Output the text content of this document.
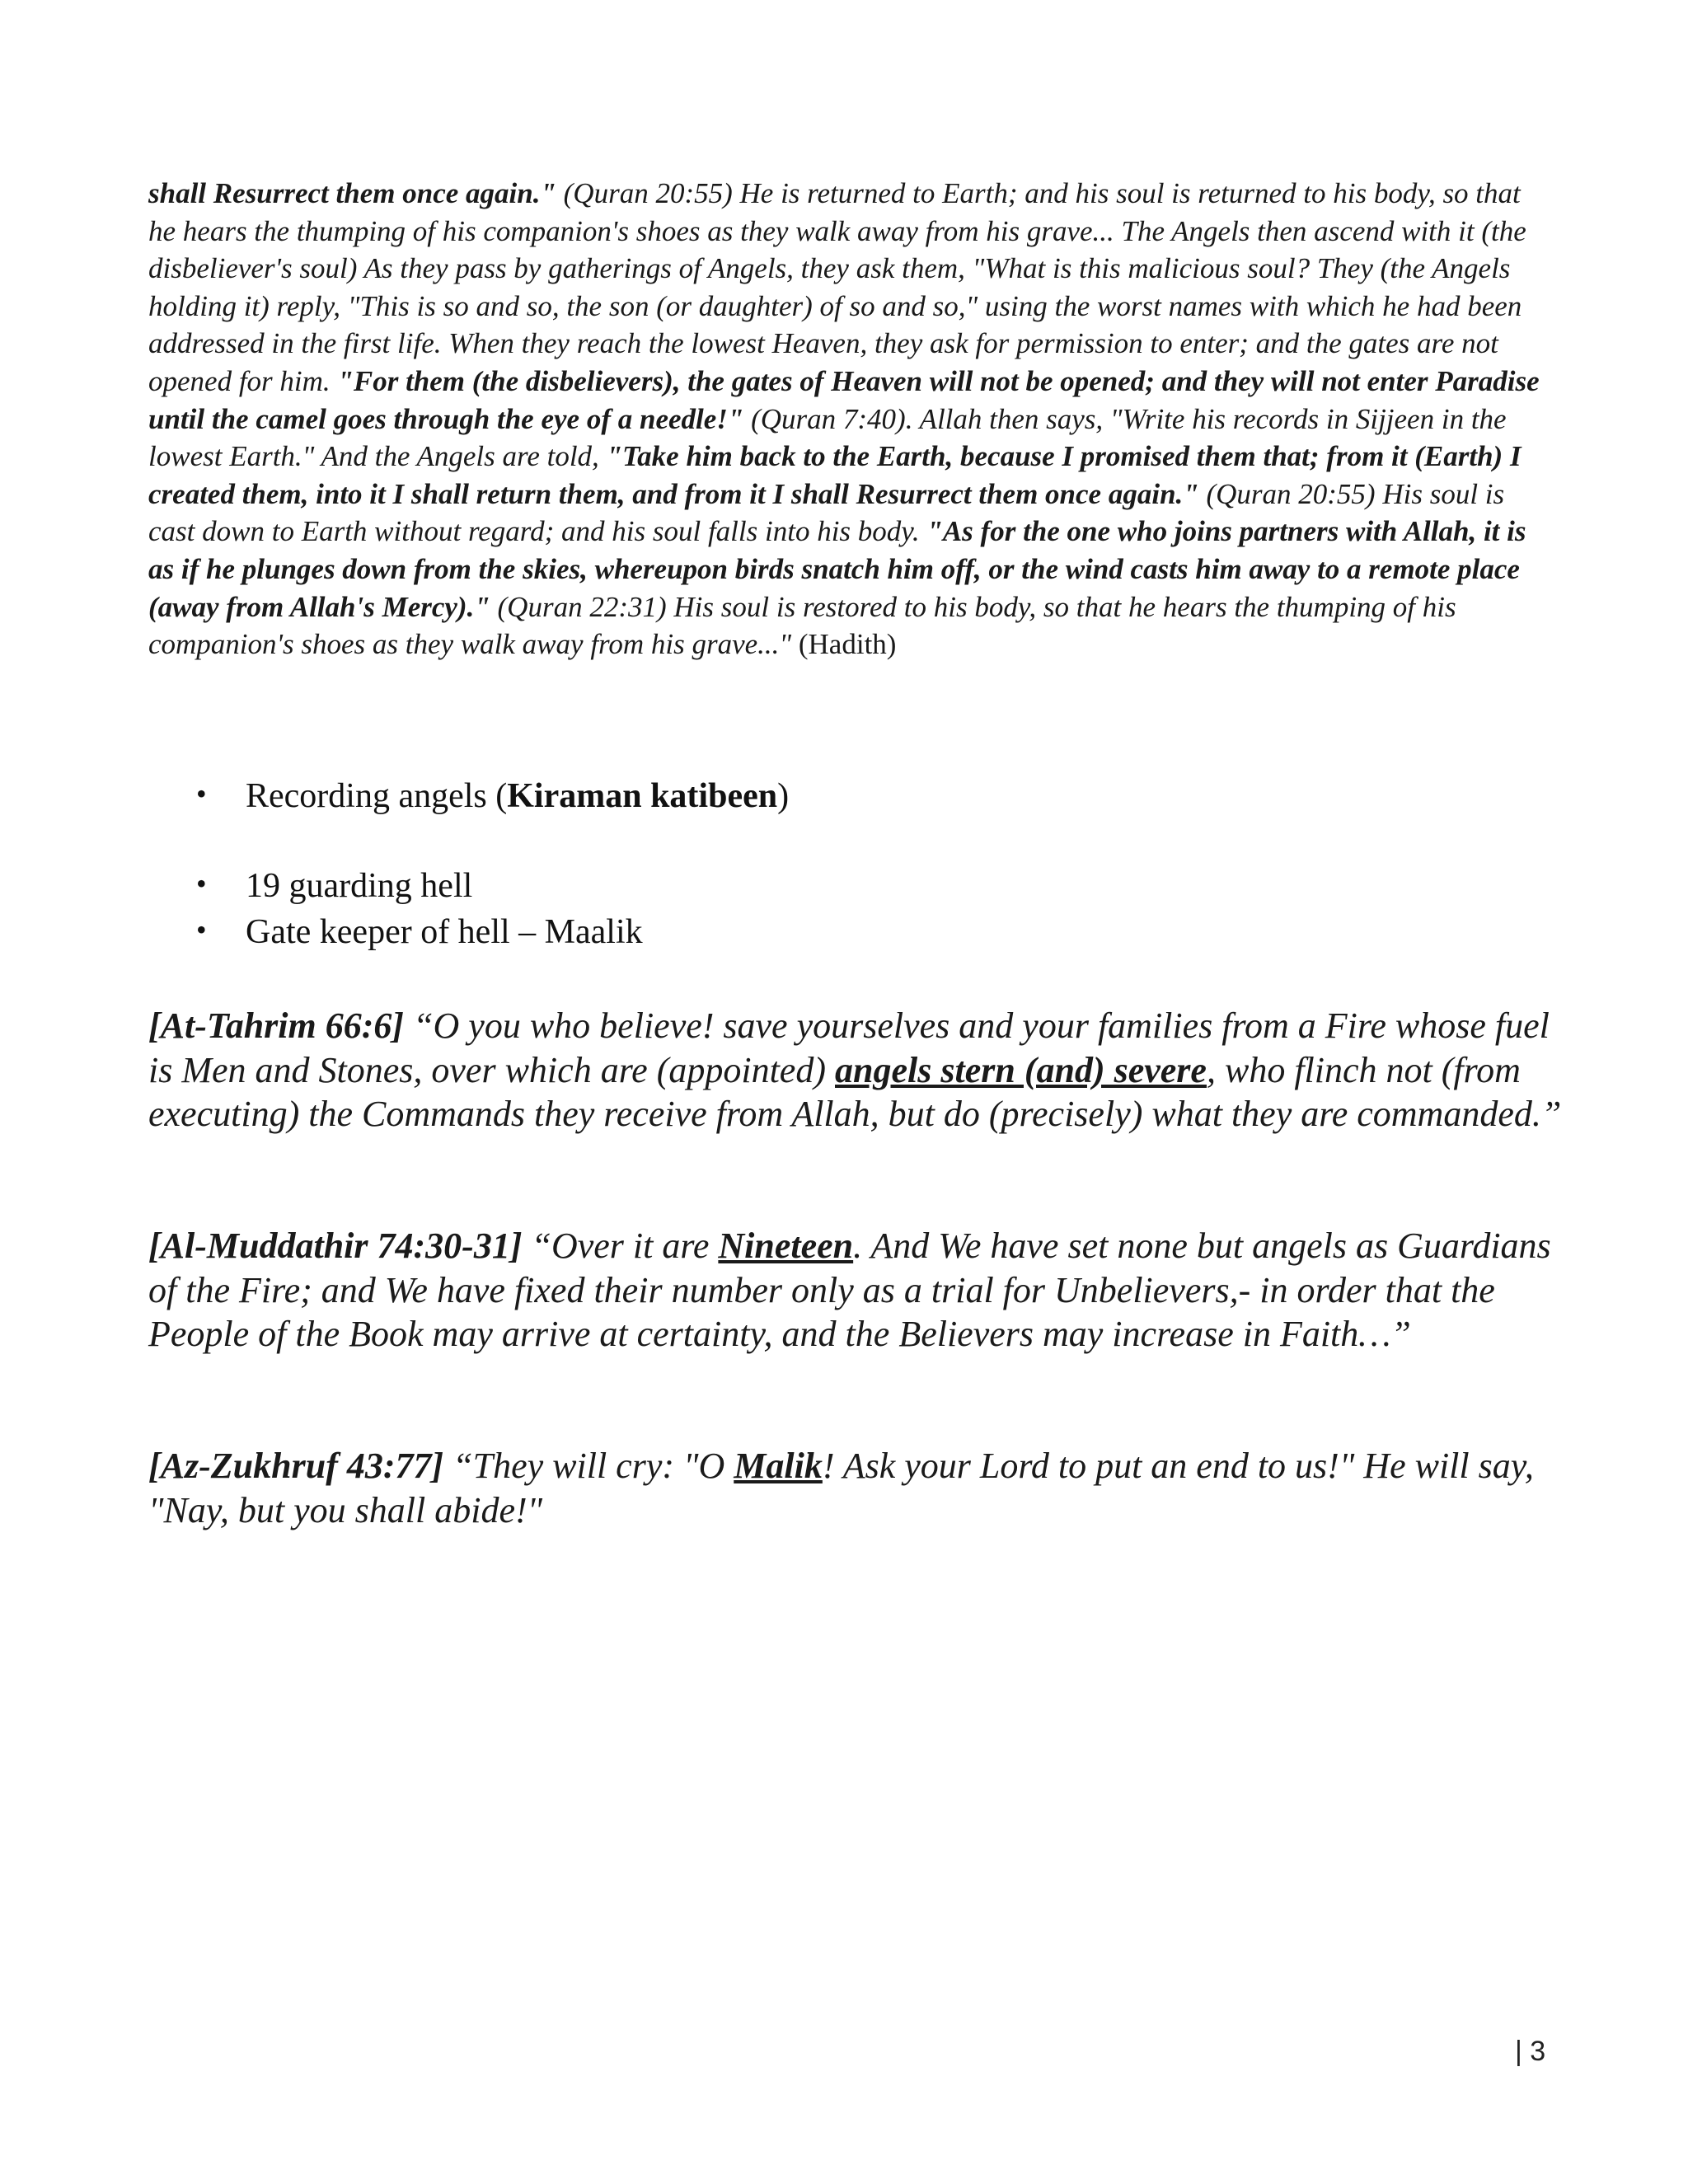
shall Resurrect them once again." (Quran 20:55) He is returned to Earth; and his soul is returned to his body, so that he hears the thumping of his companion's shoes as they walk away from his grave... The Angels then ascend with it (the disbeliever's soul) As they pass by gatherings of Angels, they ask them, "What is this malicious soul? They (the Angels holding it) reply, "This is so and so, the son (or daughter) of so and so," using the worst names with which he had been addressed in the first life. When they reach the lowest Heaven, they ask for permission to enter; and the gates are not opened for him. "For them (the disbelievers), the gates of Heaven will not be opened; and they will not enter Paradise until the camel goes through the eye of a needle!" (Quran 7:40). Allah then says, "Write his records in Sijjeen in the lowest Earth." And the Angels are told, "Take him back to the Earth, because I promised them that; from it (Earth) I created them, into it I shall return them, and from it I shall Resurrect them once again." (Quran 20:55) His soul is cast down to Earth without regard; and his soul falls into his body. "As for the one who joins partners with Allah, it is as if he plunges down from the skies, whereupon birds snatch him off, or the wind casts him away to a remote place (away from Allah's Mercy)." (Quran 22:31) His soul is restored to his body, so that he hears the thumping of his companion's shoes as they walk away from his grave..." (Hadith)
• Recording angels (Kiraman katibeen)
• 19 guarding hell
• Gate keeper of hell – Maalik
[At-Tahrim 66:6] “O you who believe! save yourselves and your families from a Fire whose fuel is Men and Stones, over which are (appointed) angels stern (and) severe, who flinch not (from executing) the Commands they receive from Allah, but do (precisely) what they are commanded.”
[Al-Muddathir 74:30-31] “Over it are Nineteen. And We have set none but angels as Guardians of the Fire; and We have fixed their number only as a trial for Unbelievers,- in order that the People of the Book may arrive at certainty, and the Believers may increase in Faith…”
[Az-Zukhruf 43:77] “They will cry: "O Malik! Ask your Lord to put an end to us!" He will say, "Nay, but you shall abide!"
| 3
